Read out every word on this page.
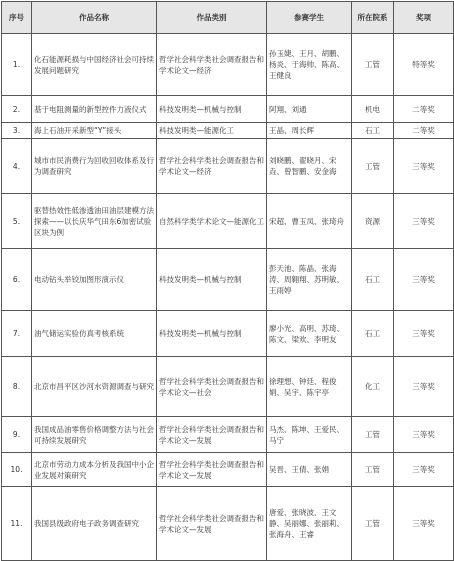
序号	作品名称	作品类别	参赛学生	所在院系	奖项
1.	化石能源耗损与中国经济社会可持续发展问题研究	哲学社会科学类社会调查报告和学术论文—经济	孙玉婕、王月、胡鹏、杨炎、于海帅、陈高、王健良	工管	特等奖
2.	基于电阻测量的新型控件力液仪式	科技发明类—机械与控制	阿翔、刘通	机电	二等奖
3.	海上石油开采新型“Y”接头	科技发明类—能源化工	王晶、周长辉	石工	二等奖
4.	城市市民消费行为回收回收体系及行为调查研究	哲学社会科学类社会调查报告和学术论文—经济	刘晓鹏、翟晓月、宋垚、曾智鹏、安金海	工管	三等奖
5.	驱替热效性低渗透油田油层建模方法探索——以长庆华气田东6加密试验区块为例	自然科学类学术论文—能源化工	宋超、曹玉凤、张琦舟	资源	三等奖
6.	电动钻头举铰加图形演示仪	科技发明类—机械与控制	彭天池、陈晶、张海涛、周翱翔、苏明敏、王雨婷	石工	三等奖
7.	油气储运实验仿真考核系统	科技发明类—机械与控制	廖小光、高明、苏琦、陈文、梁欢、李明友	石工	三等奖
8.	北京市昌平区沙河水资源调查与研究	哲学社会科学类社会调查报告和学术论文—社会	徐理想、钟廷、程俊娟、吴宇、陈宇亭	化工	三等奖
9.	我国成品油零售价格调整方法与社会可持续发展研究	哲学社会科学类社会调查报告和学术论文—发展	马杰、陈坤、王爱民、马宁	工管	三等奖
10.	北京市劳动力成本分析及我国中小企业发展对策研究	哲学社会科学类社会调查报告和学术论文—发展	吴晋、王倩、张娟	工管	三等奖
11.	我国县级政府电子政务调查研究	哲学社会科学类社会调查报告和学术论文—发展	唐爱、张晓波、王文静、吴丽娜、张丽莉、张海舟、王睿	工管	三等奖
